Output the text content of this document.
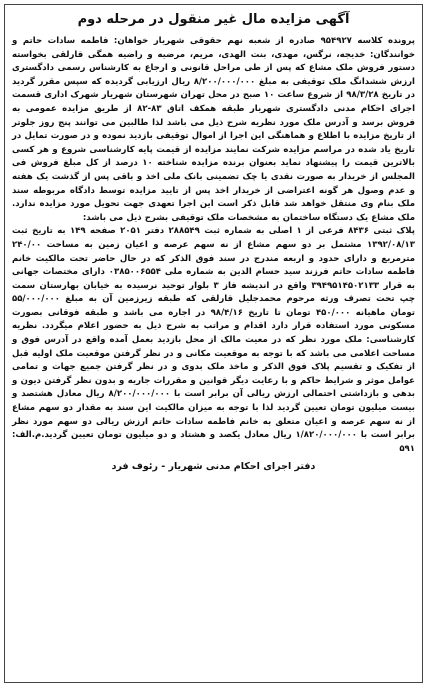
آگهی مزایده مال غیر منقول در مرحله دوم

پرونده کلاسه ۹۵۴۹۲۷ صادره از شعبه نهم حقوقی شهریار خواهان: فاطمه سادات حاتم و خوانندگان: خدیجه، نرگس، مهدی، بنت الهدی، مریم، مرضیه و راضیه همگی قارلقی بخواسته دستور فروش ملک مشاع که پس از طی مراحل قانونی و ارجاع به کارشناس رسمی دادگستری ارزش ششدانگ ملک توقیفی به مبلغ ۸/۲۰۰/۰۰۰/۰۰۰ ریال ارزیابی گردیده که سپس مقرر گردید در تاریخ ۹۸/۳/۲۸ از شروع ساعت ۱۰ صبح در محل تهران شهرستان شهریار شهرک اداری قسمت اجرای احکام مدنی دادگستری شهریار طبقه همکف اتاق ۸۳-۸۲ از طریق مزایده عمومی به فروش برسد و آدرس ملک مورد نظریه شرح ذیل می باشد لذا طالبین می توانند پنج روز جلوتر از تاریخ مزایده با اطلاع و هماهنگی این اجرا از اموال توقیفی بازدید نموده و در صورت تمایل در تاریخ یاد شده در مراسم مزایده شرکت نمایند مزایده از قیمت پایه کارشناسی شروع و هر کسی بالاترین قیمت را پیشنهاد نماید بعنوان برنده مزایده شناخته ۱۰ درصد از کل مبلغ فروش فی المجلس از خریدار به صورت نقدی یا چک تضمینی بانک ملی اخذ و باقی پس از گذشت یک هفته و عدم وصول هر گونه اعتراضی از خریدار اخذ پس از تایید مزایده توسط دادگاه مربوطه سند ملک بنام وی منتقل خواهد شد قابل ذکر است این اجرا تعهدی جهت تحویل مورد مزایده ندارد. ملک مشاع یک دستگاه ساختمان به مشخصات ملک توقیفی بشرح ذیل می باشد:

پلاک ثبتی ۸۴۳۶ فرعی از ۱ اصلی به شماره ثبت ۲۸۸۵۴۹ دفتر ۲۰۵۱ صفحه ۱۴۹ به تاریخ ثبت ۱۳۹۲/۰۸/۱۳ مشتمل بر دو سهم مشاع از نه سهم عرصه و اعیان زمین به مساحت ۲۴۰/۰۰ مترمربع و دارای حدود و اربعه مندرج در سند فوق الذکر که در حال حاضر تحت مالکیت خانم فاطمه سادات حاتم فرزند سید حسام الدین به شماره ملی ۰۳۸۵۰۰۶۵۵۴ دارای مختصات جهانی به قرار ۳۹۴۹۵۱۴۵۰۲۱۳۳ واقع در اندیشه فاز ۳ بلوار توحید نرسیده به خیابان بهارستان سمت چپ تحت تصرف ورثه مرحوم محمدجلیل قارلقی که طبقه زیرزمین آن به مبلغ ۵۵/۰۰۰/۰۰۰ تومان ماهیانه ۴۵۰/۰۰۰ تومان تا تاریخ ۹۸/۴/۱۶ در اجاره می باشد و طبقه فوقانی بصورت مسکونی مورد استفاده قرار دارد اقدام و مراتب به شرح ذیل به حضور اعلام میگردد. نظریه کارشناسی: ملک مورد نظر که در معیت مالک از محل بازدید بعمل آمده واقع در آدرس فوق و مساحت اعلامی می باشد که با توجه به موقعیت مکانی و در نظر گرفتن موقعیت ملک اولیه قبل از تفکیک و تقسیم پلاک فوق الذکر و ماخذ ملک بدوی و در نظر گرفتن جمیع جهات و تمامی عوامل موثر و شرایط حاکم و با رعایت دیگر قوانین و مقررات جاریه و بدون نظر گرفتن دیون و بدهی و بازداشتی احتمالی ارزش ریالی آن برابر است با ۸/۲۰۰/۰۰۰/۰۰۰ ریال معادل هشتصد و بیست میلیون تومان تعیین گردید لذا با توجه به میزان مالکیت این سند به مقدار دو سهم مشاع از نه سهم عرصه و اعیان متعلق به خانم فاطمه سادات حاتم ارزش ریالی دو سهم مورد نظر برابر است با ۱/۸۲۰/۰۰۰/۰۰۰ ریال معادل یکصد و هشتاد و دو میلیون تومان تعیین گردید.م.الف: ۵۹۱

دفتر اجرای احکام مدنی شهریار - رئوف فرد
